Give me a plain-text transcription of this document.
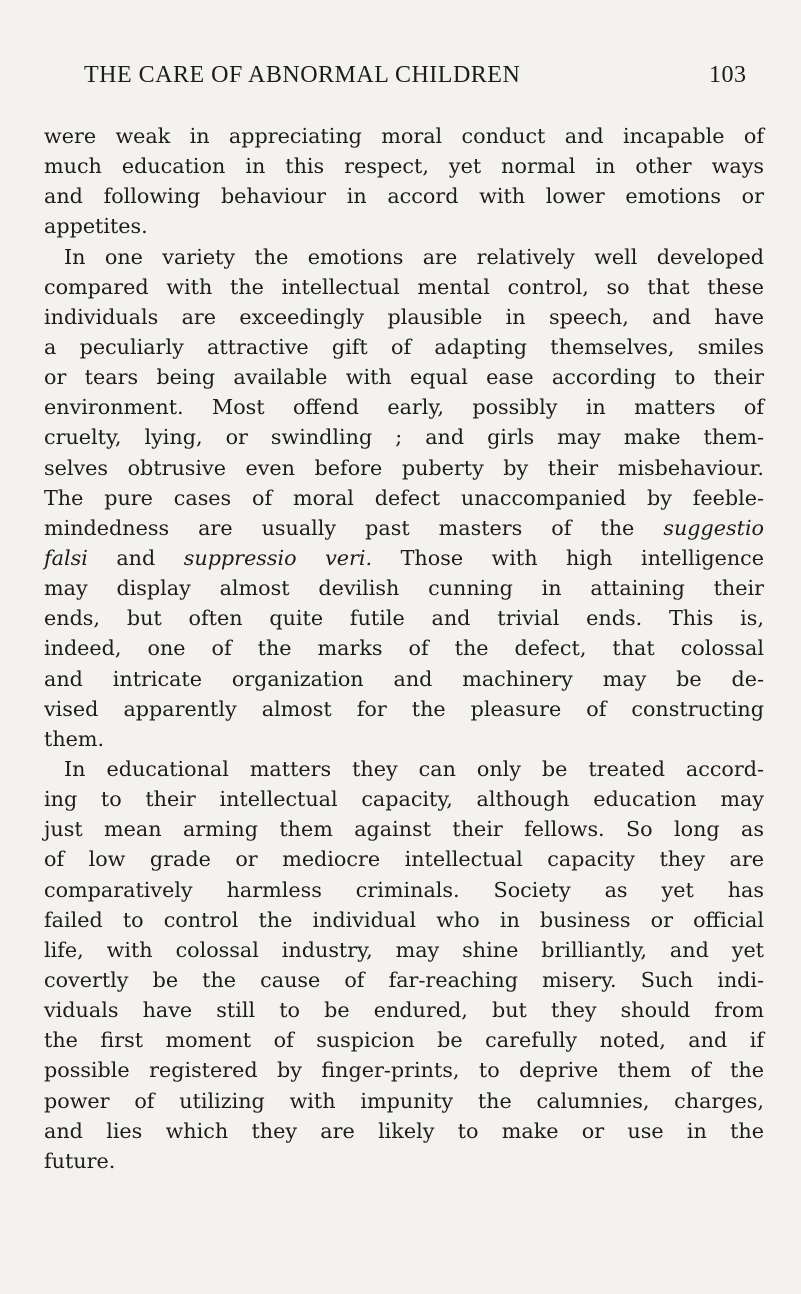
THE CARE OF ABNORMAL CHILDREN	103
were weak in appreciating moral conduct and incapable of
much education in this respect, yet normal in other ways
and following behaviour in accord with lower emotions or
appetites.
In one variety the emotions are relatively well developed
compared with the intellectual mental control, so that these
individuals are exceedingly plausible in speech, and have
a peculiarly attractive gift of adapting themselves, smiles
or tears being available with equal ease according to their
environment. Most offend early, possibly in matters of
cruelty, lying, or swindling ; and girls may make them-
selves obtrusive even before puberty by their misbehaviour.
The pure cases of moral defect unaccompanied by feeble-
mindedness are usually past masters of the suggestio
falsi and suppressio veri. Those with high intelligence
may display almost devilish cunning in attaining their
ends, but often quite futile and trivial ends. This is,
indeed, one of the marks of the defect, that colossal
and intricate organization and machinery may be de-
vised apparently almost for the pleasure of constructing
them.
In educational matters they can only be treated accord-
ing to their intellectual capacity, although education may
just mean arming them against their fellows. So long as
of low grade or mediocre intellectual capacity they are
comparatively harmless criminals. Society as yet has
failed to control the individual who in business or official
life, with colossal industry, may shine brilliantly, and yet
covertly be the cause of far-reaching misery. Such indi-
viduals have still to be endured, but they should from
the first moment of suspicion be carefully noted, and if
possible registered by finger-prints, to deprive them of the
power of utilizing with impunity the calumnies, charges,
and lies which they are likely to make or use in the
future.
